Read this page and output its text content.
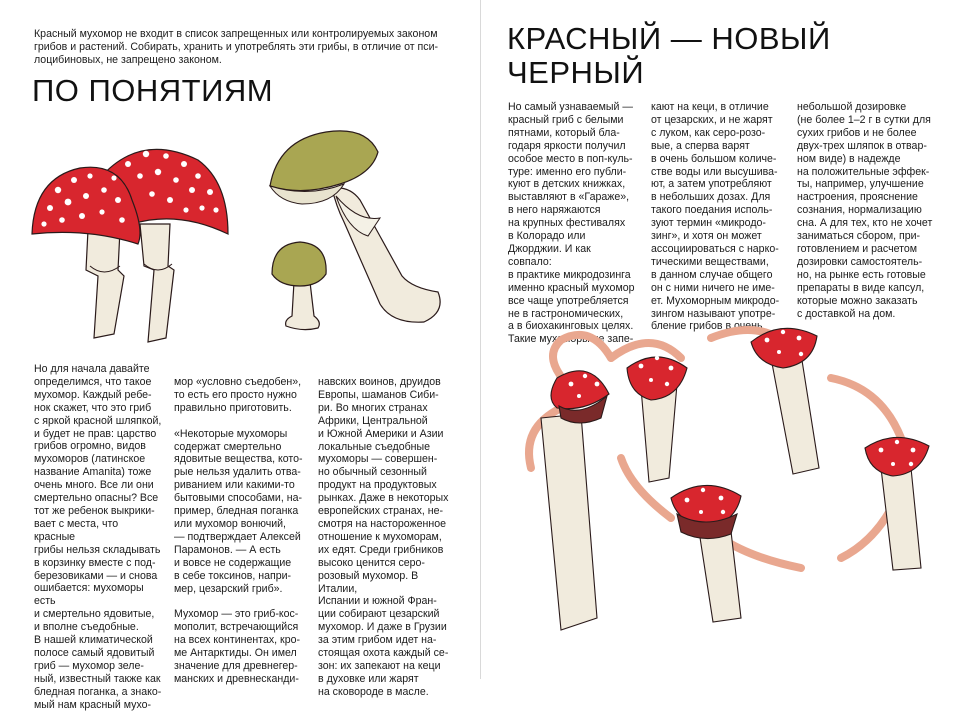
Красный мухомор не входит в список запрещенных или контролируемых законом
грибов и растений. Собирать, хранить и употреблять эти грибы, в отличие от пси-
лоцибиновых, не запрещено законом.
ПО ПОНЯТИЯМ
Но для начала давайте
определимся, что такое
мухомор. Каждый ребе-
нок скажет, что это гриб
с яркой красной шляпкой,
и будет не прав: царство
грибов огромно, видов
мухоморов (латинское
название Amanita) тоже
очень много. Все ли они
смертельно опасны? Все
тот же ребенок выкрики-
вает с места, что красные
грибы нельзя складывать
в корзинку вместе с под-
березовиками — и снова
ошибается: мухоморы есть
и смертельно ядовитые,
и вполне съедобные.
В нашей климатической
полосе самый ядовитый
гриб — мухомор зеле-
ный, известный также как
бледная поганка, а знако-
мый нам красный мухо-
мор «условно съедобен»,
то есть его просто нужно
правильно приготовить.

«Некоторые мухоморы
содержат смертельно
ядовитые вещества, кото-
рые нельзя удалить отва-
риванием или какими-то
бытовыми способами, на-
пример, бледная поганка
или мухомор вонючий,
— подтверждает Алексей
Парамонов. — А есть
и вовсе не содержащие
в себе токсинов, напри-
мер, цезарский гриб».

Мухомор — это гриб-кос-
мополит, встречающийся
на всех континентах, кро-
ме Антарктиды. Он имел
значение для древнегер-
манских и древнесканди-
навских воинов, друидов
Европы, шаманов Сиби-
ри. Во многих странах
Африки, Центральной
и Южной Америки и Азии
локальные съедобные
мухоморы — совершен-
но обычный сезонный
продукт на продуктовых
рынках. Даже в некоторых
европейских странах, не-
смотря на настороженное
отношение к мухоморам,
их едят. Среди грибников
высоко ценится серо-
розовый мухомор. В Италии,
Испании и южной Фран-
ции собирают цезарский
мухомор. И даже в Грузии
за этим грибом идет на-
стоящая охота каждый се-
зон: их запекают на кеци
в духовке или жарят
на сковороде в масле.
КРАСНЫЙ — НОВЫЙ
ЧЕРНЫЙ
Но самый узнаваемый —
красный гриб с белыми
пятнами, который бла-
годаря яркости получил
особое место в поп-куль-
туре: именно его публи-
куют в детских книжках,
выставляют в «Гараже»,
в него наряжаются
на крупных фестивалях
в Колорадо или
Джорджии. И как совпало:
в практике микродозинга
именно красный мухомор
все чаще употребляется
не в гастрономических,
а в биохакинговых целях.
Такие мухоморы не запе-
кают на кеци, в отличие
от цезарских, и не жарят
с луком, как серо-розо-
вые, а сперва варят
в очень большом количе-
стве воды или высушива-
ют, а затем употребляют
в небольших дозах. Для
такого поедания исполь-
зуют термин «микродо-
зинг», и хотя он может
ассоциироваться с нарко-
тическими веществами,
в данном случае общего
он с ними ничего не име-
ет. Мухоморным микродо-
зингом называют употре-
бление грибов в очень
небольшой дозировке
(не более 1–2 г в сутки для
сухих грибов и не более
двух-трех шляпок в отвар-
ном виде) в надежде
на положительные эффек-
ты, например, улучшение
настроения, прояснение
сознания, нормализацию
сна. А для тех, кто не хочет
заниматься сбором, при-
готовлением и расчетом
дозировки самостоятель-
но, на рынке есть готовые
препараты в виде капсул,
которые можно заказать
с доставкой на дом.
